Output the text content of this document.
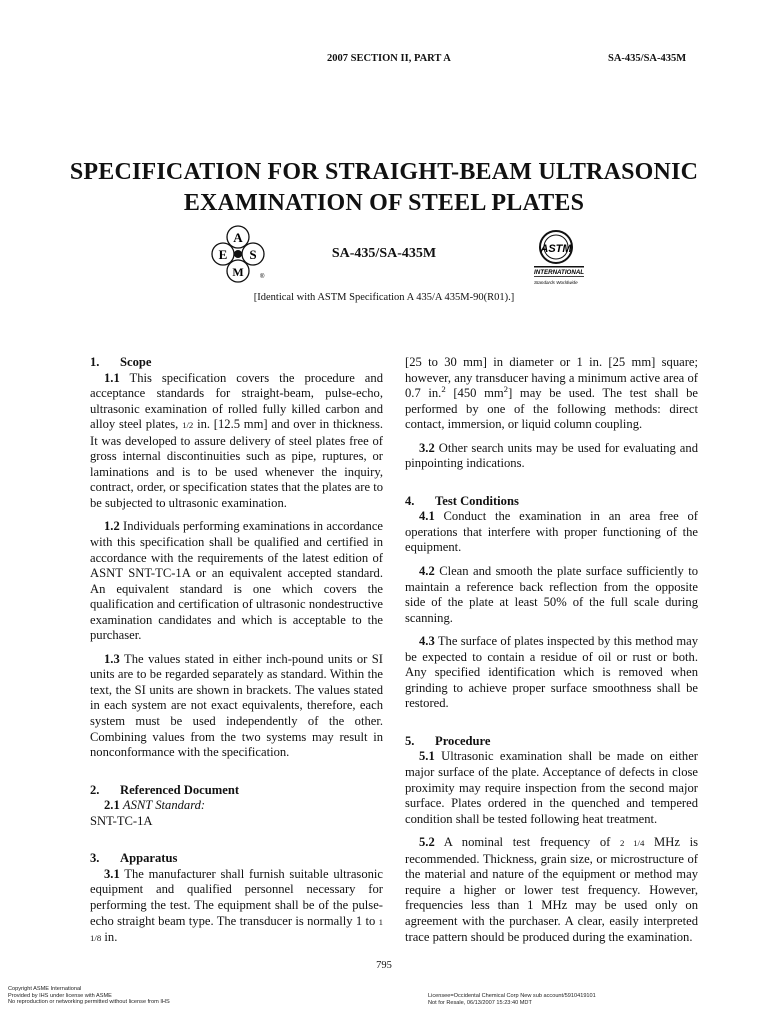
2007 SECTION II, PART A	SA-435/SA-435M
SPECIFICATION FOR STRAIGHT-BEAM ULTRASONIC
EXAMINATION OF STEEL PLATES
A
E S
M	®
SA-435/SA-435M	ASTM
INTERNATIONAL
Standards Worldwide
[Identical with ASTM Specification A 435/A 435M-90(R01).]
1. Scope

1.1 This specification covers the procedure and acceptance standards for straight-beam, pulse-echo, ultrasonic examination of rolled fully killed carbon and alloy steel plates, 1/2 in. [12.5 mm] and over in thickness. It was developed to assure delivery of steel plates free of gross internal discontinuities such as pipe, ruptures, or laminations and is to be used whenever the inquiry, contract, order, or specification states that the plates are to be subjected to ultrasonic examination.

1.2 Individuals performing examinations in accordance with this specification shall be qualified and certified in accordance with the requirements of the latest edition of ASNT SNT-TC-1A or an equivalent accepted standard. An equivalent standard is one which covers the qualification and certification of ultrasonic nondestructive examination candidates and which is acceptable to the purchaser.

1.3 The values stated in either inch-pound units or SI units are to be regarded separately as standard. Within the text, the SI units are shown in brackets. The values stated in each system are not exact equivalents, therefore, each system must be used independently of the other. Combining values from the two systems may result in nonconformance with the specification.

2. Referenced Document

2.1 ASNT Standard:

SNT-TC-1A

3. Apparatus

3.1 The manufacturer shall furnish suitable ultrasonic equipment and qualified personnel necessary for performing the test. The equipment shall be of the pulse-echo straight beam type. The transducer is normally 1 to 1 1/8 in.

[25 to 30 mm] in diameter or 1 in. [25 mm] square; however, any transducer having a minimum active area of 0.7 in.$^2$ [450 $mm^2$] may be used. The test shall be performed by one of the following methods: direct contact, immersion, or liquid column coupling.

3.2 Other search units may be used for evaluating and pinpointing indications.

4. Test Conditions

4.1 Conduct the examination in an area free of operations that interfere with proper functioning of the equipment.

4.2 Clean and smooth the plate surface sufficiently to maintain a reference back reflection from the opposite side of the plate at least 50% of the full scale during scanning.

4.3 The surface of plates inspected by this method may be expected to contain a residue of oil or rust or both. Any specified identification which is removed when grinding to achieve proper surface smoothness shall be restored.

5. Procedure

5.1 Ultrasonic examination shall be made on either major surface of the plate. Acceptance of defects in close proximity may require inspection from the second major surface. Plates ordered in the quenched and tempered condition shall be tested following heat treatment.

5.2 A nominal test frequency of 2 1/4 MHz is recommended. Thickness, grain size, or microstructure of the material and nature of the equipment or method may require a higher or lower test frequency. However, frequencies less than 1 MHz may be used only on agreement with the purchaser. A clear, easily interpreted trace pattern should be produced during the examination.

795
Copyright ASME International
Provided by IHS under license with ASME
No reproduction or networking permitted without license from IHS
Licensee=Occidental Chemical Corp New sub account/5910419101
Not for Resale, 06/13/2007 15:23:40 MDT
